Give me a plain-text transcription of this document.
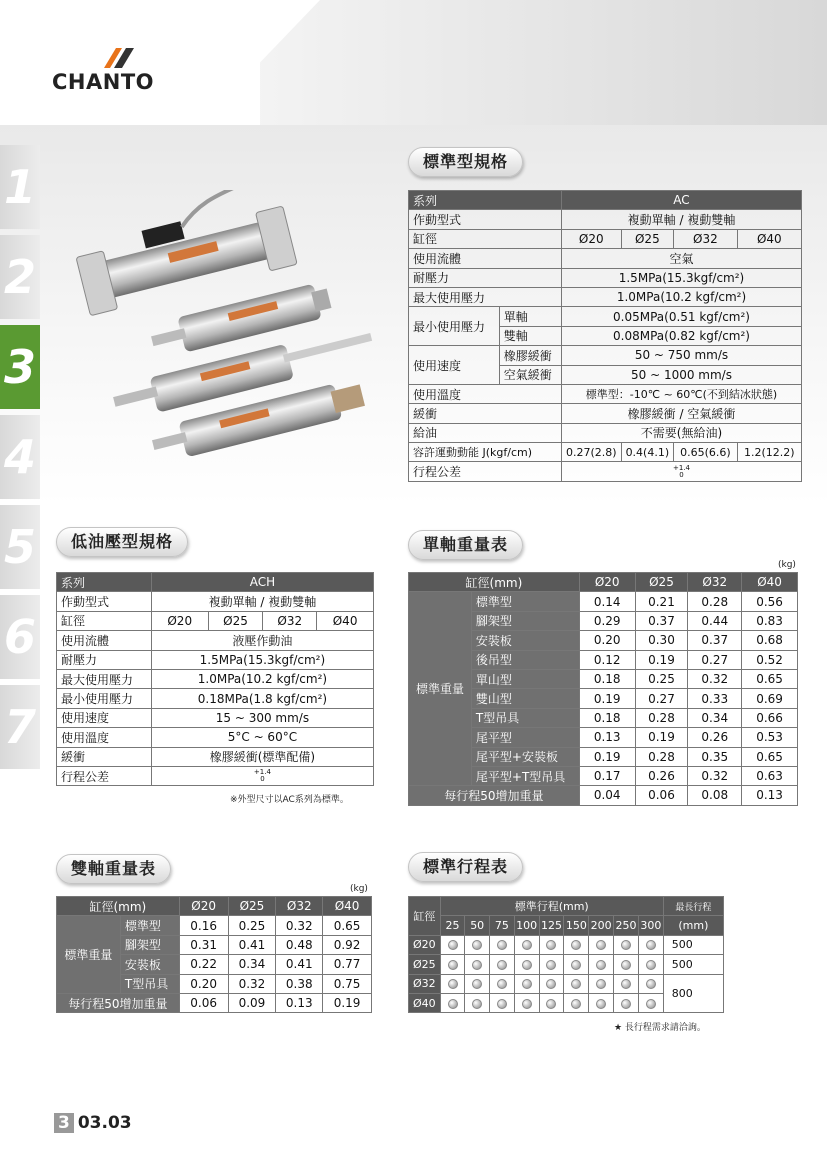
CHANTO
1
2
3
4
5
6
7
標準型規格
系列		AC			
作動型式		複動單軸 / 複動雙軸			
缸徑		Ø20	Ø25	Ø32	Ø40
使用流體		空氣			
耐壓力		1.5MPa(15.3kgf/cm²)			
最大使用壓力		1.0MPa(10.2 kgf/cm²)			
最小使用壓力	單軸	0.05MPa(0.51 kgf/cm²)			
	雙軸	0.08MPa(0.82 kgf/cm²)			
使用速度	橡膠緩衝	50 ~ 750 mm/s			
	空氣緩衝	50 ~ 1000 mm/s			
使用溫度		標準型：-10℃ ~ 60℃(不到結冰狀態)			
緩衝		橡膠緩衝 / 空氣緩衝			
給油		不需要(無給油)			
容許運動動能 J(kgf/cm)		0.27(2.8)	0.4(4.1)	0.65(6.6)	1.2(12.2)
行程公差		+1.4
0			
低油壓型規格
系列	ACH			
作動型式	複動單軸 / 複動雙軸			
缸徑	Ø20	Ø25	Ø32	Ø40
使用流體	液壓作動油			
耐壓力	1.5MPa(15.3kgf/cm²)			
最大使用壓力	1.0MPa(10.2 kgf/cm²)			
最小使用壓力	0.18MPa(1.8 kgf/cm²)			
使用速度	15 ~ 300 mm/s			
使用溫度	5°C ~ 60°C			
緩衝	橡膠緩衝(標準配備)			
行程公差	+1.4
0			
※外型尺寸以AC系列為標準。
單軸重量表
(kg)
缸徑(mm)		Ø20	Ø25	Ø32	Ø40
標準重量	標準型	0.14	0.21	0.28	0.56
	腳架型	0.29	0.37	0.44	0.83
	安裝板	0.20	0.30	0.37	0.68
	後吊型	0.12	0.19	0.27	0.52
	單山型	0.18	0.25	0.32	0.65
	雙山型	0.19	0.27	0.33	0.69
	T型吊具	0.18	0.28	0.34	0.66
	尾平型	0.13	0.19	0.26	0.53
	尾平型+安裝板	0.19	0.28	0.35	0.65
	尾平型+T型吊具	0.17	0.26	0.32	0.63
每行程50增加重量		0.04	0.06	0.08	0.13
雙軸重量表
(kg)
缸徑(mm)		Ø20	Ø25	Ø32	Ø40
標準重量	標準型	0.16	0.25	0.32	0.65
	腳架型	0.31	0.41	0.48	0.92
	安裝板	0.22	0.34	0.41	0.77
	T型吊具	0.20	0.32	0.38	0.75
每行程50增加重量		0.06	0.09	0.13	0.19
標準行程表
缸徑	標準行程(mm)									最長行程
	25	50	75	100	125	150	200	250	300	(mm)
Ø20										500
Ø25										500
Ø32										800
Ø40										
★ 長行程需求請洽詢。
3 03.03
